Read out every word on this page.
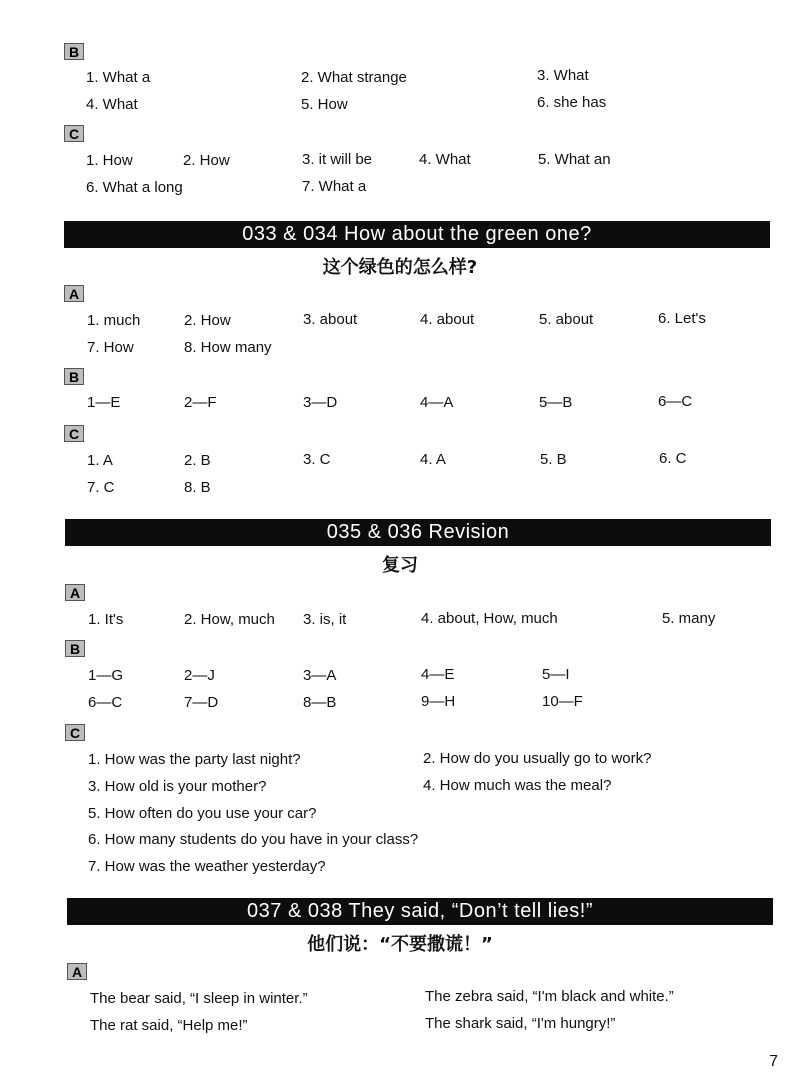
B
1. What a	2. What strange	3. What
4. What	5. How	6. she has
C
1. How	2. How	3. it will be	4. What	5. What an
6. What a long	7. What a
033 & 034 How about the green one?
这个绿色的怎么样?
A
1. much	2. How	3. about	4. about	5. about	6. Let's
7. How	8. How many
B
1—E	2—F	3—D	4—A	5—B	6—C
C
1. A	2. B	3. C	4. A	5. B	6. C
7. C	8. B
035 & 036 Revision
复习
A
1. It's	2. How, much 3. is, it	4. about, How, much	5. many
B
1—G	2—J	3—A	4—E	5—I
6—C	7—D	8—B	9—H	10—F
C
1. How was the party last night?	2. How do you usually go to work?
3. How old is your mother?	4. How much was the meal?
5. How often do you use your car?
6. How many students do you have in your class?
7. How was the weather yesterday?
037 & 038 They said, “Don’t tell lies!”
他们说：“不要撒谎！”
A
The bear said, “I sleep in winter.”	The zebra said, “I'm black and white.”
The rat said, “Help me!”	The shark said, “I'm hungry!”
7
